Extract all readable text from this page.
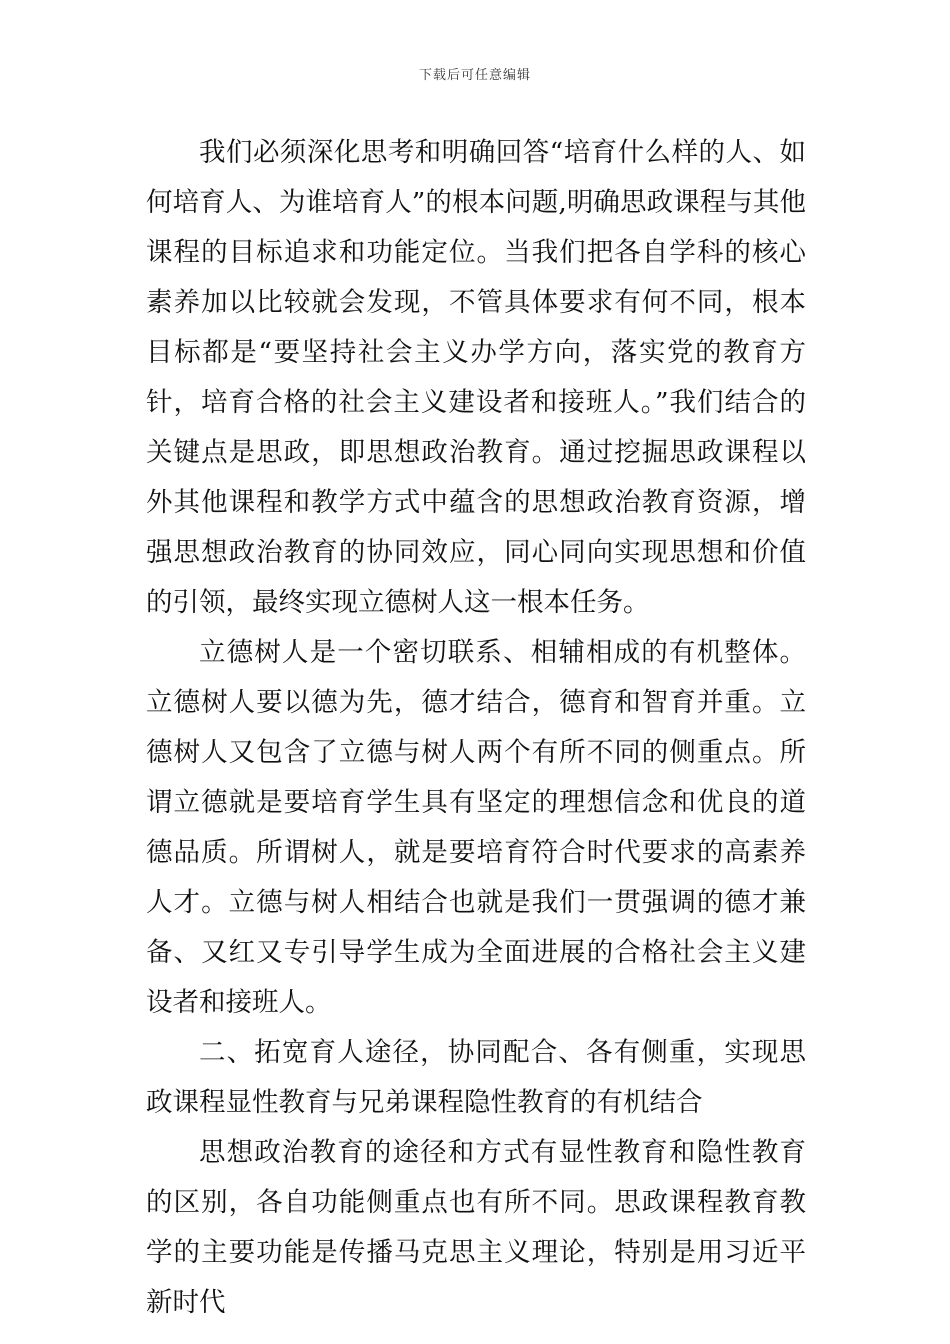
下载后可任意编辑

我们必须深化思考和明确回答“培育什么样的人、如何培育人、为谁培育人”的根本问题,明确思政课程与其他课程的目标追求和功能定位。当我们把各自学科的核心素养加以比较就会发现，不管具体要求有何不同，根本目标都是“要坚持社会主义办学方向，落实党的教育方针，培育合格的社会主义建设者和接班人。”我们结合的关键点是思政，即思想政治教育。通过挖掘思政课程以外其他课程和教学方式中蕴含的思想政治教育资源，增强思想政治教育的协同效应，同心同向实现思想和价值的引领，最终实现立德树人这一根本任务。

立德树人是一个密切联系、相辅相成的有机整体。立德树人要以德为先，德才结合，德育和智育并重。立德树人又包含了立德与树人两个有所不同的侧重点。所谓立德就是要培育学生具有坚定的理想信念和优良的道德品质。所谓树人，就是要培育符合时代要求的高素养人才。立德与树人相结合也就是我们一贯强调的德才兼备、又红又专引导学生成为全面进展的合格社会主义建设者和接班人。

二、拓宽育人途径，协同配合、各有侧重，实现思政课程显性教育与兄弟课程隐性教育的有机结合

思想政治教育的途径和方式有显性教育和隐性教育的区别，各自功能侧重点也有所不同。思政课程教育教学的主要功能是传播马克思主义理论，特别是用习近平新时代
